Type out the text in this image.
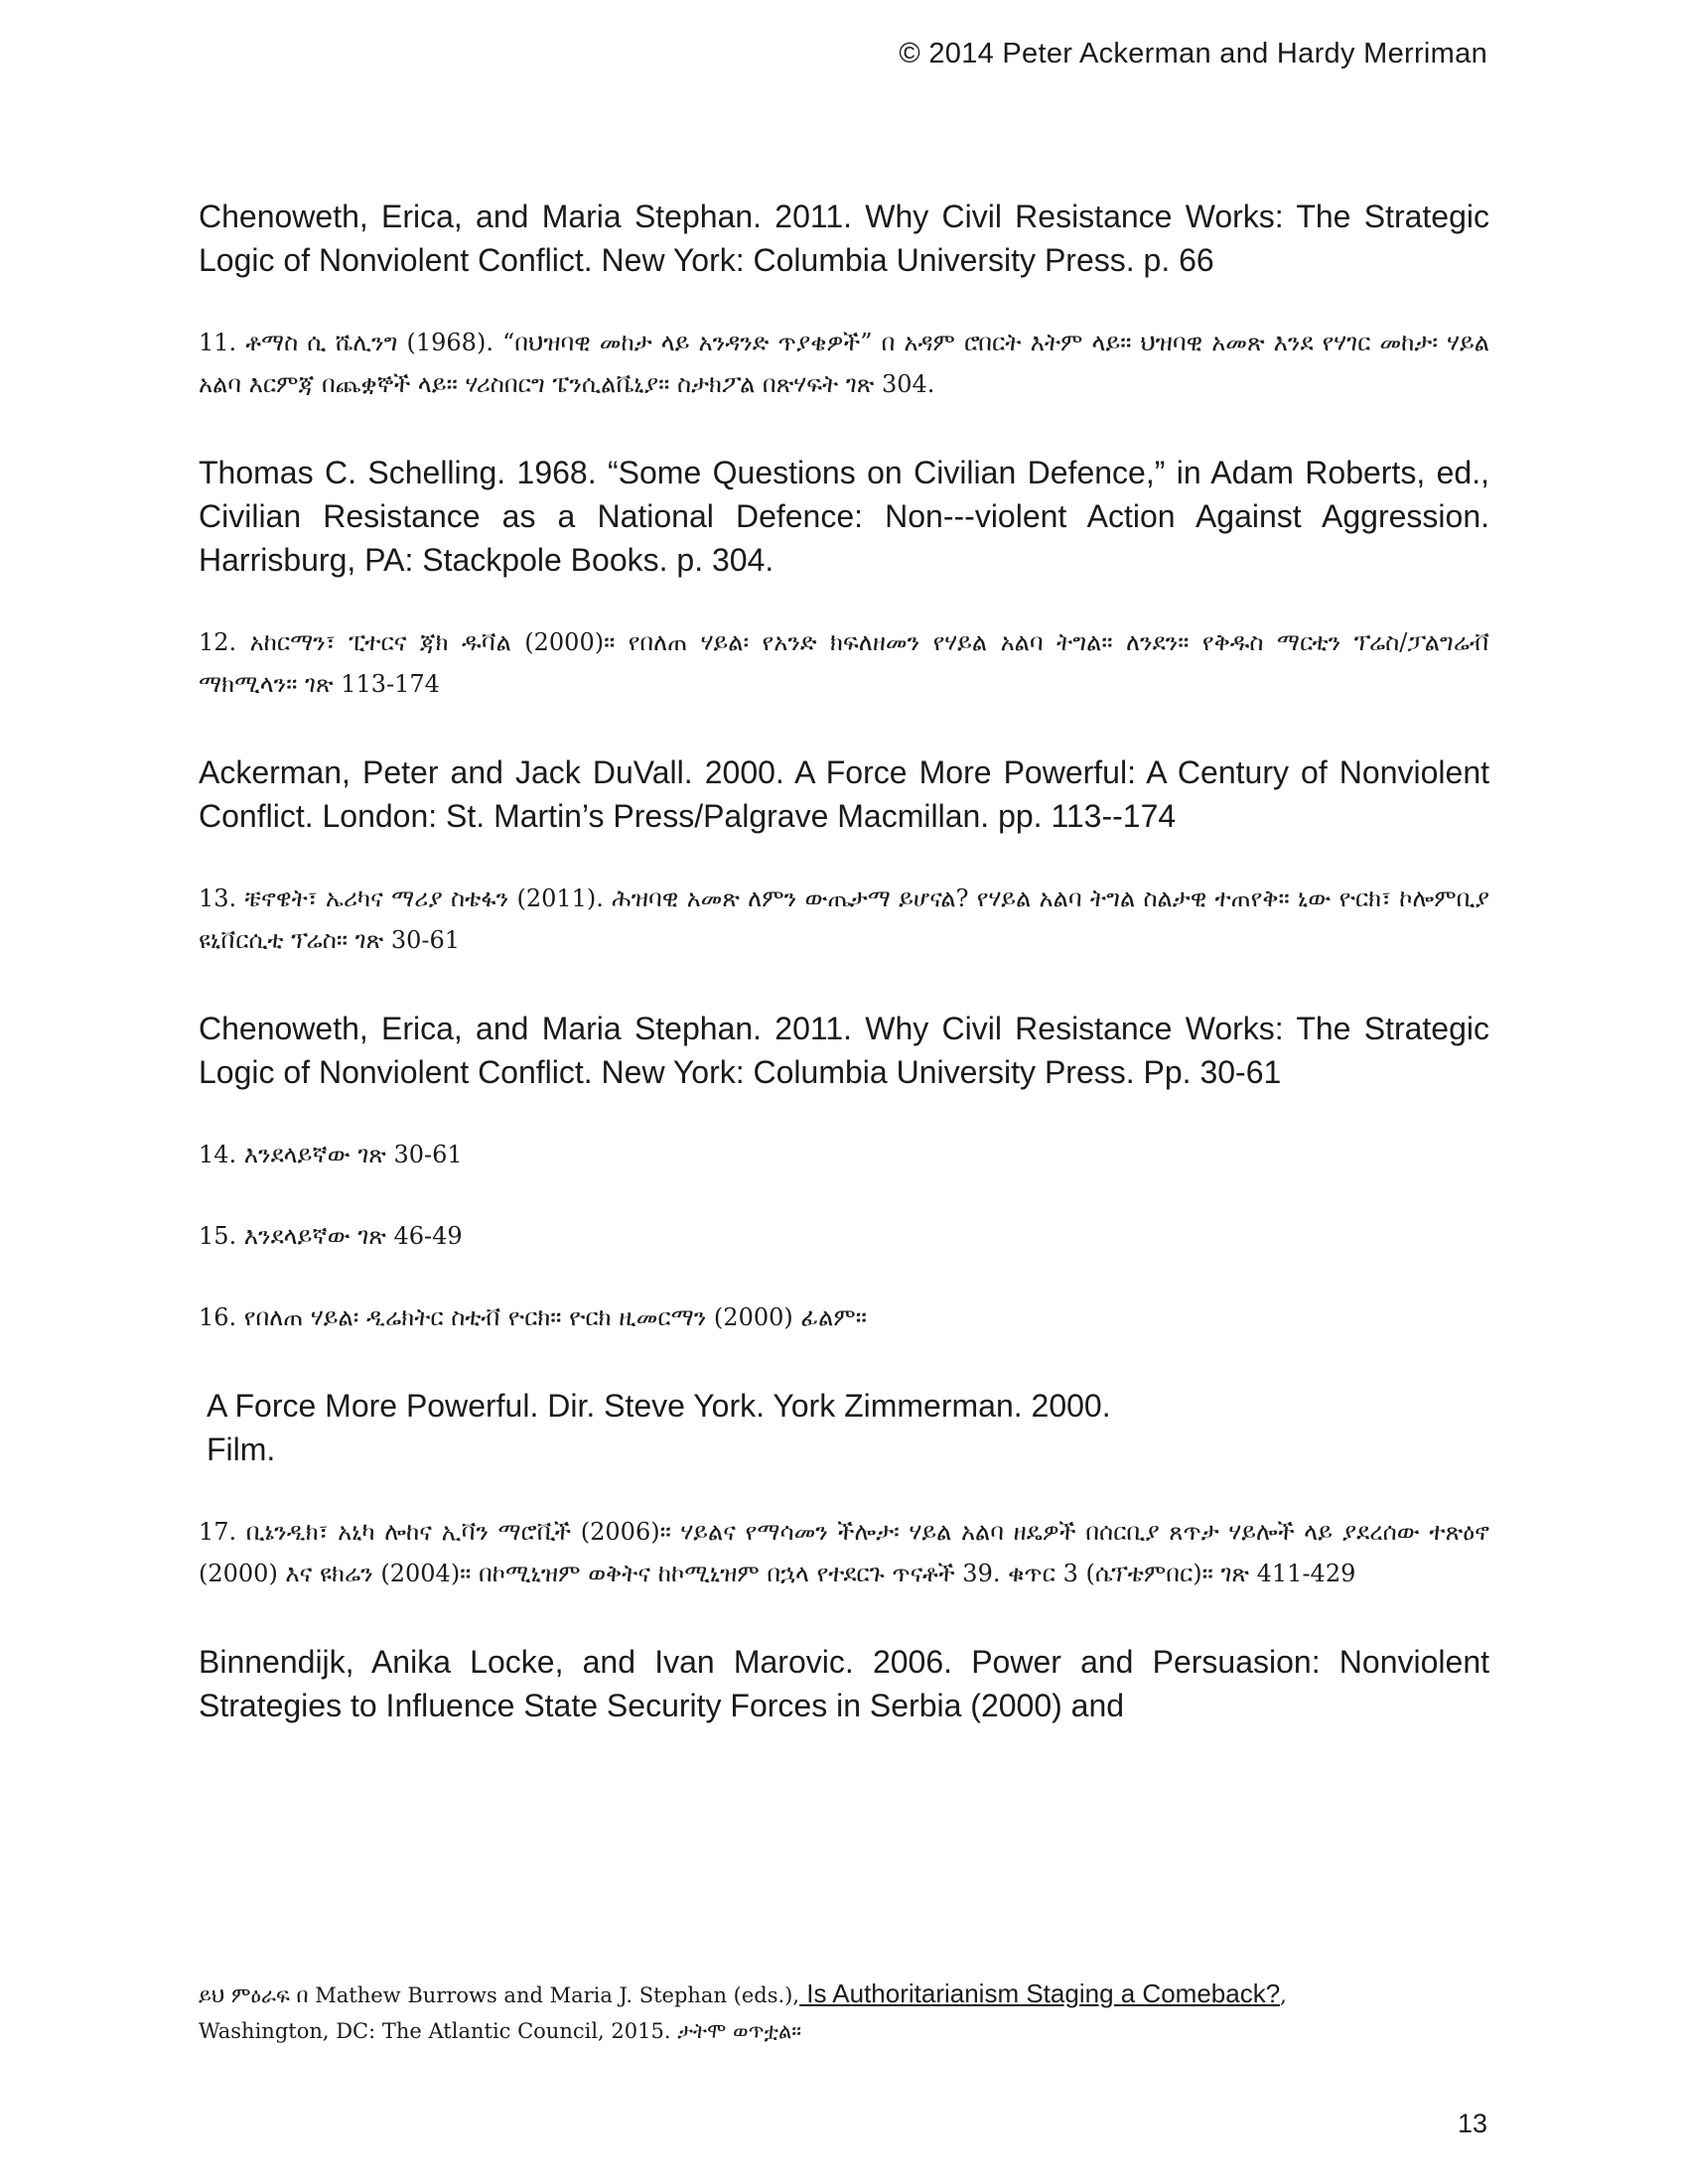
© 2014 Peter Ackerman and Hardy Merriman

Chenoweth, Erica, and Maria Stephan. 2011. Why Civil Resistance Works: The Strategic Logic of Nonviolent Conflict. New York: Columbia University Press. p. 66

11. ቶማስ ሲ ሼሊንግ (1968). “በህዝባዊ መከታ ላይ አንዳንድ ጥያቄዎች” በ አዳም ሮበርት እትም ላይ። ህዝባዊ አመጽ እንደ የሃገር መከታ፡ ሃይል አልባ እርምጃ በጨቋኞች ላይ። ሃሪስበርግ ፔንሲልቬኒያ። ስታክፖል በጽሃፍት ገጽ 304.

Thomas C. Schelling. 1968. “Some Questions on Civilian Defence,” in Adam Roberts, ed., Civilian Resistance as a National Defence: Non---violent Action Against Aggression. Harrisburg, PA: Stackpole Books. p. 304.

12. አከርማን፣ ፒተርና ጃክ ዱቫል (2000)። የበለጠ ሃይል፡ የአንድ ክፍለዘመን የሃይል አልባ ትግል። ለንደን። የቅዱስ ማርቲን ፕሬስ/ፓልግሬቭ ማክሚላን። ገጽ 113-174

Ackerman, Peter and Jack DuVall. 2000. A Force More Powerful: A Century of Nonviolent Conflict. London: St. Martin’s Press/Palgrave Macmillan. pp. 113--174

13. ቼኖዌት፣ ኤሪካና ማሪያ ስቴፋን (2011). ሕዝባዊ አመጽ ለምን ውጤታማ ይሆናል? የሃይል አልባ ትግል ስልታዊ ተጠየቅ። ኒው ዮርክ፣ ኮሎምቢያ ዩኒቨርሲቲ ፕሬስ። ገጽ 30-61

Chenoweth, Erica, and Maria Stephan. 2011. Why Civil Resistance Works: The Strategic Logic of Nonviolent Conflict. New York: Columbia University Press. Pp. 30-61

14. እንደላይኛው ገጽ 30-61

15. እንደላይኛው ገጽ 46-49

16. የበለጠ ሃይል፡ ዲሬክትር ስቲቭ ዮርክ። ዮርክ ዚመርማን (2000) ፊልም።

A Force More Powerful. Dir. Steve York. York Zimmerman. 2000.

Film.

17. ቢኔንዲክ፣ አኒካ ሎከና ኢቫን ማሮቪች (2006)። ሃይልና የማሳመን ችሎታ፡ ሃይል አልባ ዘዴዎች በሰርቢያ ጸጥታ ሃይሎች ላይ ያደረሰው ተጽዕኖ (2000) እና ዩክሬን (2004)። በኮሚኒዝም ወቅትና ከኮሚኒዝም በኋላ የተደርጉ ጥናቶች 39. ቁጥር 3 (ሴፕቴምበር)። ገጽ 411-429

Binnendijk, Anika Locke, and Ivan Marovic. 2006. Power and Persuasion: Nonviolent Strategies to Influence State Security Forces in Serbia (2000) and

ይህ ምዕራፍ በ Mathew Burrows and Maria J. Stephan (eds.), Is Authoritarianism Staging a Comeback?,

Washington, DC: The Atlantic Council, 2015. ታትሞ ወጥቷል።

13
